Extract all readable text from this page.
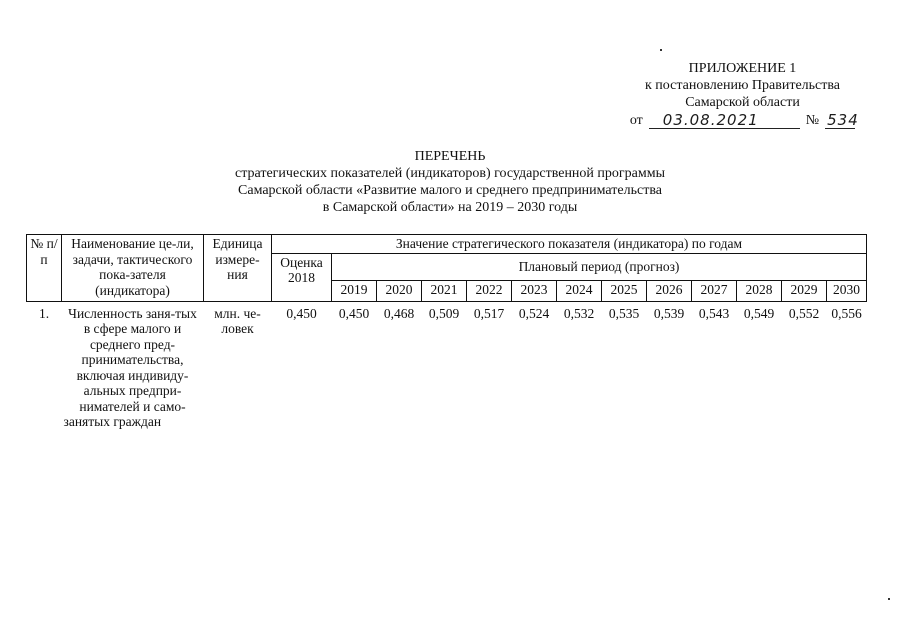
ПРИЛОЖЕНИЕ 1
к постановлению Правительства
Самарской области
от	03.08.2021	№ 534
ПЕРЕЧЕНЬ
стратегических показателей (индикаторов) государственной программы
Самарской области «Развитие малого и среднего предпринимательства
в Самарской области» на 2019 – 2030 годы
№ п/п	Наименование це-ли, задачи, тактического пока-зателя (индикатора)	Единица измере-ния	Значение стратегического показателя (индикатора) по годам												
			Оценка 2018	Плановый период (прогноз)											
				2019	2020	2021	2022	2023	2024	2025	2026	2027	2028	2029	2030
1.	Численность заня-тых в сфере малого и среднего пред-принимательства, включая индивиду-альных предпри-нимателей и само-занятых граждан	млн. че-ловек	0,450	0,450	0,468	0,509	0,517	0,524	0,532	0,535	0,539	0,543	0,549	0,552	0,556
